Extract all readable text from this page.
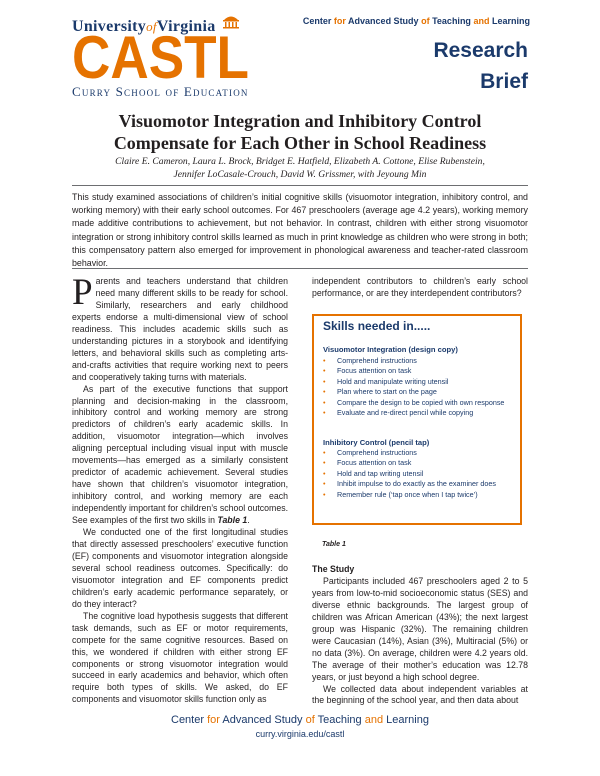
UniversityofVirginia
CASTL
Curry School of Education
Center for Advanced Study of Teaching and Learning
Research
Brief
Visuomotor Integration and Inhibitory Control
Compensate for Each Other in School Readiness
Claire E. Cameron, Laura L. Brock, Bridget E. Hatfield, Elizabeth A. Cottone, Elise Rubenstein,
Jennifer LoCasale-Crouch, David W. Grissmer, with Jeyoung Min
This study examined associations of children’s initial cognitive skills (visuomotor integration, inhibitory control, and working memory) with their early school outcomes. For 467 preschoolers (average age 4.2 years), working memory made additive contributions to achievement, but not behavior. In contrast, children with either strong visuomotor integration or strong inhibitory control skills learned as much in print knowledge as children who were strong in both; this compensatory pattern also emerged for improvement in phonological awareness and teacher-rated classroom behavior.

Parents and teachers understand that children need many different skills to be ready for school. Similarly, researchers and early childhood experts endorse a multi-dimensional view of school readiness. This includes academic skills such as understanding pictures in a storybook and identifying letters, and behavioral skills such as completing arts-and-crafts activities that require working next to peers and cooperatively taking turns with materials.

As part of the executive functions that support planning and decision-making in the classroom, inhibitory control and working memory are strong predictors of children’s early academic skills. In addition, visuomotor integration—which involves aligning perceptual including visual input with muscle movements—has emerged as a similarly consistent predictor of academic achievement. Several studies have shown that children’s visuomotor integration, inhibitory control, and working memory are each independently important for children’s school outcomes. See examples of the first two skills in Table 1.

We conducted one of the first longitudinal studies that directly assessed preschoolers’ executive function (EF) components and visuomotor integration alongside several school readiness outcomes. Specifically: do visuomotor integration and EF components predict children’s early academic performance separately, or do they interact?

The cognitive load hypothesis suggests that different task demands, such as EF or motor requirements, compete for the same cognitive resources. Based on this, we wondered if children with either strong EF components or strong visuomotor integration would succeed in early academics and behavior, which often require both types of skills. We asked, do EF components and visuomotor skills function only as

independent contributors to children’s early school performance, or are they interdependent contributors?

Skills needed in.....
Visuomotor Integration (design copy)
• Comprehend instructions
• Focus attention on task
• Hold and manipulate writing utensil
• Plan where to start on the page
• Compare the design to be copied with own response
• Evaluate and re-direct pencil while copying
Inhibitory Control (pencil tap)
• Comprehend instructions
• Focus attention on task
• Hold and tap writing utensil
• Inhibit impulse to do exactly as the examiner does
• Remember rule (‘tap once when I tap twice’)
Table 1

The Study

Participants included 467 preschoolers aged 2 to 5 years from low-to-mid socioeconomic status (SES) and diverse ethnic backgrounds. The largest group of children was African American (43%); the next largest group was Hispanic (32%). The remaining children were Caucasian (14%), Asian (3%), Multiracial (5%) or no data (3%). On average, children were 4.2 years old. The average of their mother’s education was 12.78 years, or just beyond a high school degree.

We collected data about independent variables at the beginning of the school year, and then data about

Center for Advanced Study of Teaching and Learning
curry.virginia.edu/castl
